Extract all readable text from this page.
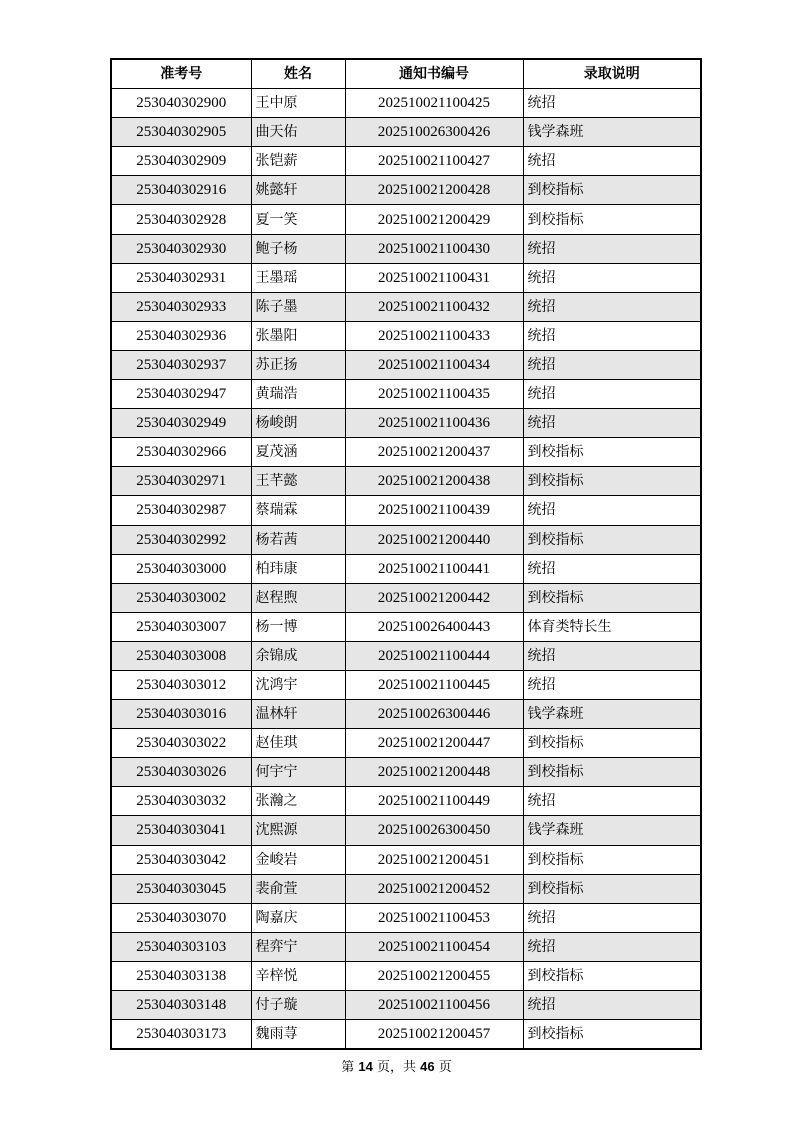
准考号	姓名	通知书编号	录取说明
253040302900	王中原	202510021100425	统招
253040302905	曲天佑	202510026300426	钱学森班
253040302909	张铠薪	202510021100427	统招
253040302916	姚懿轩	202510021200428	到校指标
253040302928	夏一笑	202510021200429	到校指标
253040302930	鲍子杨	202510021100430	统招
253040302931	王墨瑶	202510021100431	统招
253040302933	陈子墨	202510021100432	统招
253040302936	张墨阳	202510021100433	统招
253040302937	苏正扬	202510021100434	统招
253040302947	黄瑞浩	202510021100435	统招
253040302949	杨峻朗	202510021100436	统招
253040302966	夏茂涵	202510021200437	到校指标
253040302971	王芊懿	202510021200438	到校指标
253040302987	蔡瑞霖	202510021100439	统招
253040302992	杨若茜	202510021200440	到校指标
253040303000	柏玮康	202510021100441	统招
253040303002	赵程煦	202510021200442	到校指标
253040303007	杨一博	202510026400443	体育类特长生
253040303008	余锦成	202510021100444	统招
253040303012	沈鸿宇	202510021100445	统招
253040303016	温林轩	202510026300446	钱学森班
253040303022	赵佳琪	202510021200447	到校指标
253040303026	何宇宁	202510021200448	到校指标
253040303032	张瀚之	202510021100449	统招
253040303041	沈熙源	202510026300450	钱学森班
253040303042	金峻岩	202510021200451	到校指标
253040303045	裴俞萱	202510021200452	到校指标
253040303070	陶嘉庆	202510021100453	统招
253040303103	程弈宁	202510021100454	统招
253040303138	辛梓悦	202510021200455	到校指标
253040303148	付子璇	202510021100456	统招
253040303173	魏雨荨	202510021200457	到校指标
第 14 页，共 46 页
